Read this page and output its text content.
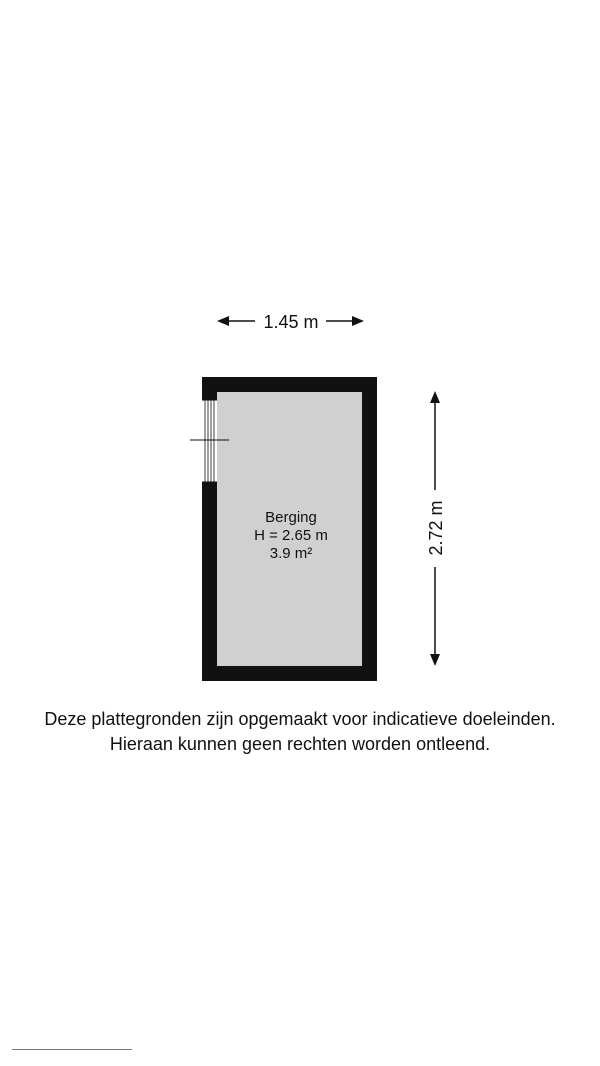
1.45 m
2.72 m
Berging
H = 2.65 m
3.9 m²
Deze plattegronden zijn opgemaakt voor indicatieve doeleinden.
Hieraan kunnen geen rechten worden ontleend.
